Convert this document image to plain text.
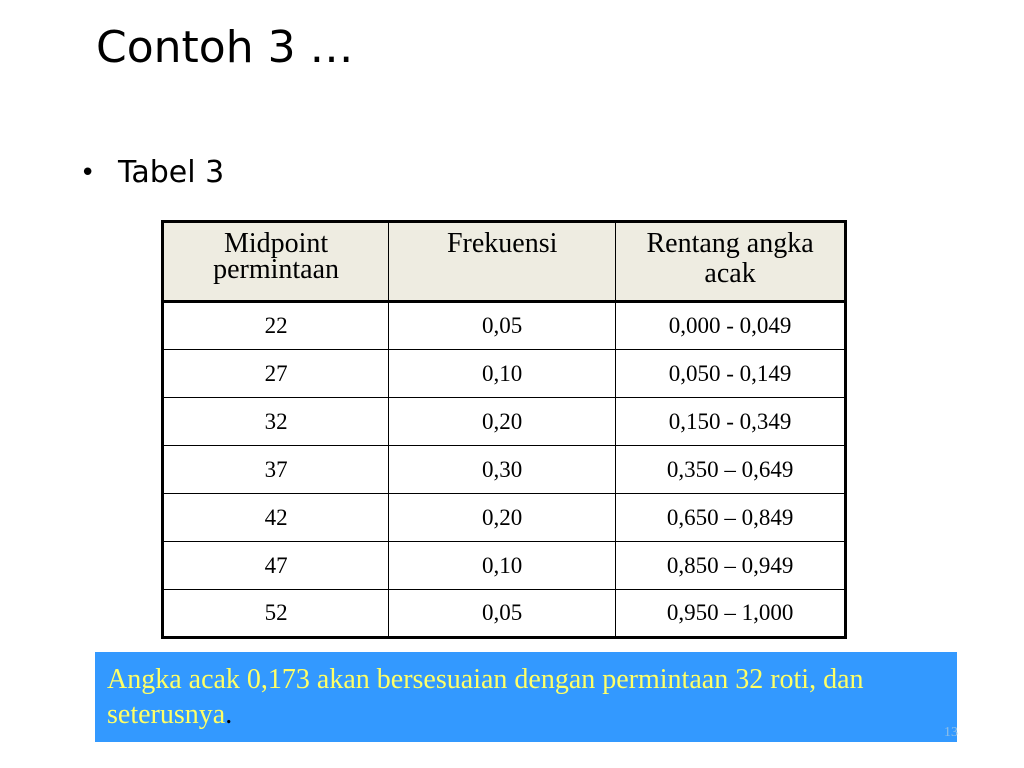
Contoh 3 …
• Tabel 3
Midpoint permintaan	Frekuensi	Rentang angka acak
22	0,05	0,000 - 0,049
27	0,10	0,050 - 0,149
32	0,20	0,150 - 0,349
37	0,30	0,350 – 0,649
42	0,20	0,650 – 0,849
47	0,10	0,850 – 0,949
52	0,05	0,950 – 1,000
Angka acak 0,173 akan bersesuaian dengan permintaan 32 roti, dan seterusnya.
13
